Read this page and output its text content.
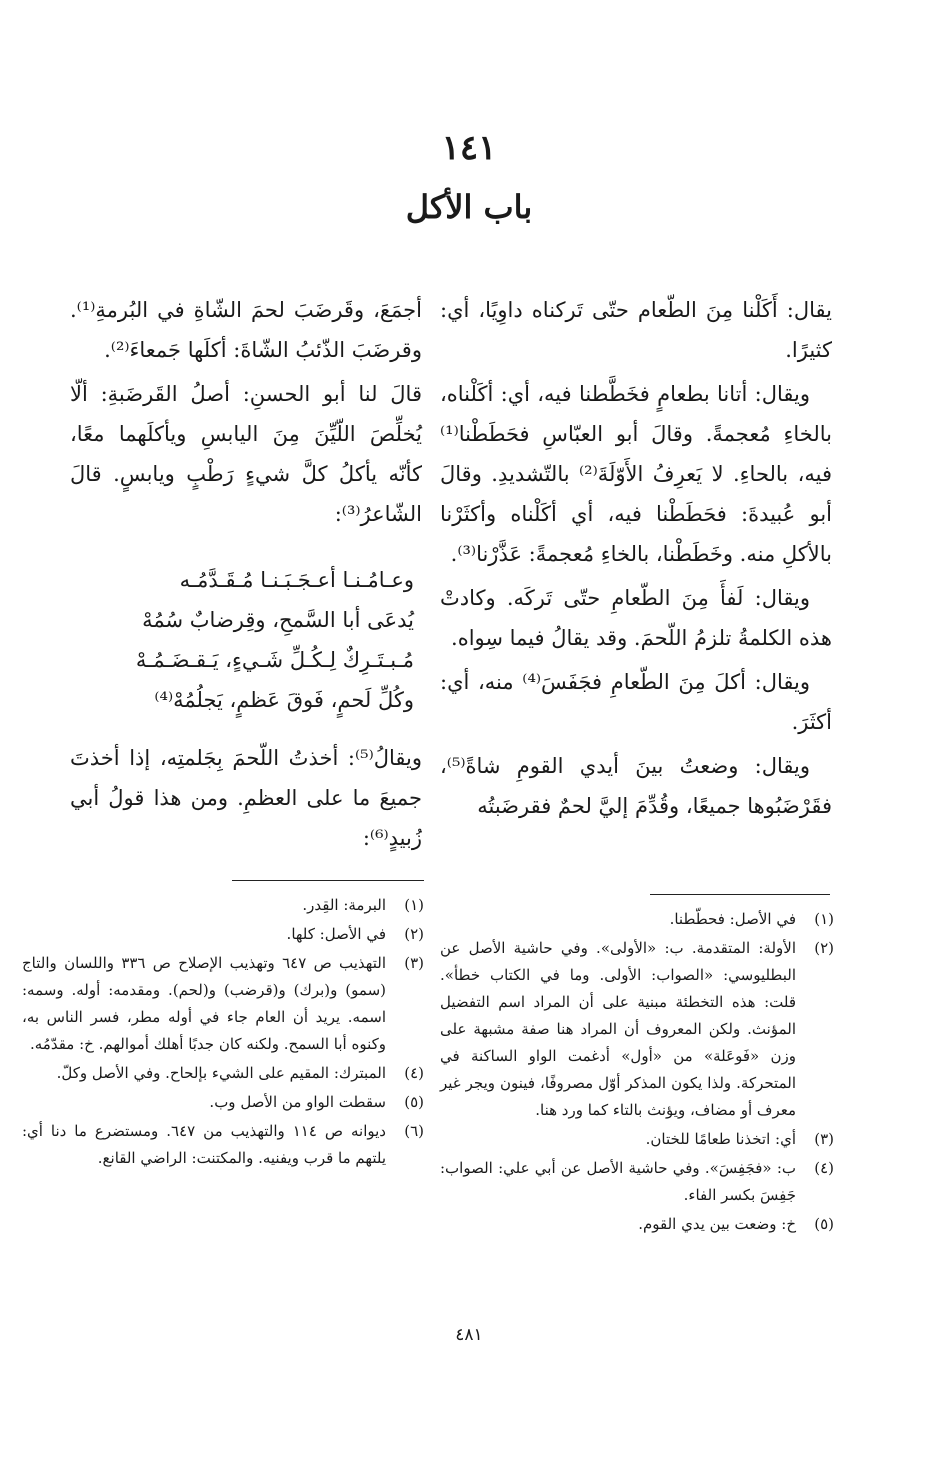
١٤١
باب الأكل

يقال: أَكَلْنا مِنَ الطّعام حتّى تَركناه داوِيًا، أي: كثيرًا.

ويقال: أتانا بطعامٍ فخَطَّطنا فيه، أي: أكَلْناه، بالخاءِ مُعجمةً. وقالَ أبو العبّاسِ فحَطَطْنا⁽¹⁾ فيه، بالحاءِ. لا يَعرِفُ الأَوّلَةَ⁽²⁾ بالتّشديدِ. وقالَ أبو عُبيدةَ: فحَطَطْنا فيه، أي أكَلْناه وأكثَرْنا بالأكلِ منه. وخَطَطْنا، بالخاءِ مُعجمةً: عَذَّرْنا⁽³⁾.

ويقال: لَفأَ مِنَ الطّعامِ حتّى تَركَه. وكادتْ هذه الكلمةُ تلزمُ اللّحمَ. وقد يقالُ فيما سِواه.

ويقال: أكلَ مِنَ الطّعامِ فجَفَسَ⁽⁴⁾ منه، أي: أكثَرَ.

ويقال: وضعتُ بينَ أيدي القومِ شاةً⁽⁵⁾، فقَرْضَبُوها جميعًا، وقُدِّمَ إليَّ لحمٌ فقرضَبتُه

أجمَعَ، وقَرضَبَ لحمَ الشّاةِ في البُرمةِ⁽¹⁾. وقرضَبَ الذّئبُ الشّاةَ: أكلَها جَمعاءَ⁽²⁾.

قالَ لنا أبو الحسنِ: أصلُ القَرضَبةِ: ألّا يُخلِّصَ اللّيِّنَ مِنَ اليابسِ ويأكلَهما معًا، كأنّه يأكلُ كلَّ شيءٍ رَطْبٍ ويابسٍ. قالَ الشّاعرُ⁽³⁾:

وعـامُـنـا أعـجَـبَـنـا مُـقَـدَّمُـه
يُدعَى أبا السَّمحِ، وقِرضابٌ سُمُهْ
مُـبـتَـرِكٌ لِـكُـلِّ شَـيءٍ، يَـقـضَـمُـهْ
وكُلِّ لَحمٍ، فَوقَ عَظمٍ، يَجلُمُهْ⁽⁴⁾

ويقالُ⁽⁵⁾: أخذتُ اللّحمَ بِجَلمتِه، إذا أخذتَ جميعَ ما على العظمِ. ومن هذا قولُ أبي زُبيدٍ⁽⁶⁾:

(١)
في الأصل: فحطّطنا.
(٢)
الأولة: المتقدمة. ب: «الأولى». وفي حاشية الأصل عن البطليوسي: «الصواب: الأولى. وما في الكتاب خطأ». قلت: هذه التخطئة مبنية على أن المراد اسم التفضيل المؤنث. ولكن المعروف أن المراد هنا صفة مشبهة على وزن «فَوعَلة» من «أول» أدغمت الواو الساكنة في المتحركة. ولذا يكون المذكر أوّل مصروفًا، فينون ويجر غير معرف أو مضاف، ويؤنث بالتاء كما ورد هنا.
(٣)
أي: اتخذنا طعامًا للختان.
(٤)
ب: «فجَفِسَ». وفي حاشية الأصل عن أبي علي: الصواب: جَفِسَ بكسر الفاء.
(٥)
خ: وضعت بين يدي القوم.
(١)
البرمة: القِدر.
(٢)
في الأصل: كلها.
(٣)
التهذيب ص ٦٤٧ وتهذيب الإصلاح ص ٣٣٦ واللسان والتاج (سمو) و(برك) و(قرضب) و(لحم). ومقدمه: أوله. وسمه: اسمه. يريد أن العام جاء في أوله مطر، فسر الناس به، وكنوه أبا السمح. ولكنه كان جدبًا أهلك أموالهم. خ: مقدّمُه.
(٤)
المبترك: المقيم على الشيء بإلحاح. وفي الأصل وكلّ.
(٥)
سقطت الواو من الأصل وب.
(٦)
ديوانه ص ١١٤ والتهذيب من ٦٤٧. ومستضرع ما دنا أي: يلتهم ما قرب ويفنيه. والمكتنت: الراضي القانع.
٤٨١
